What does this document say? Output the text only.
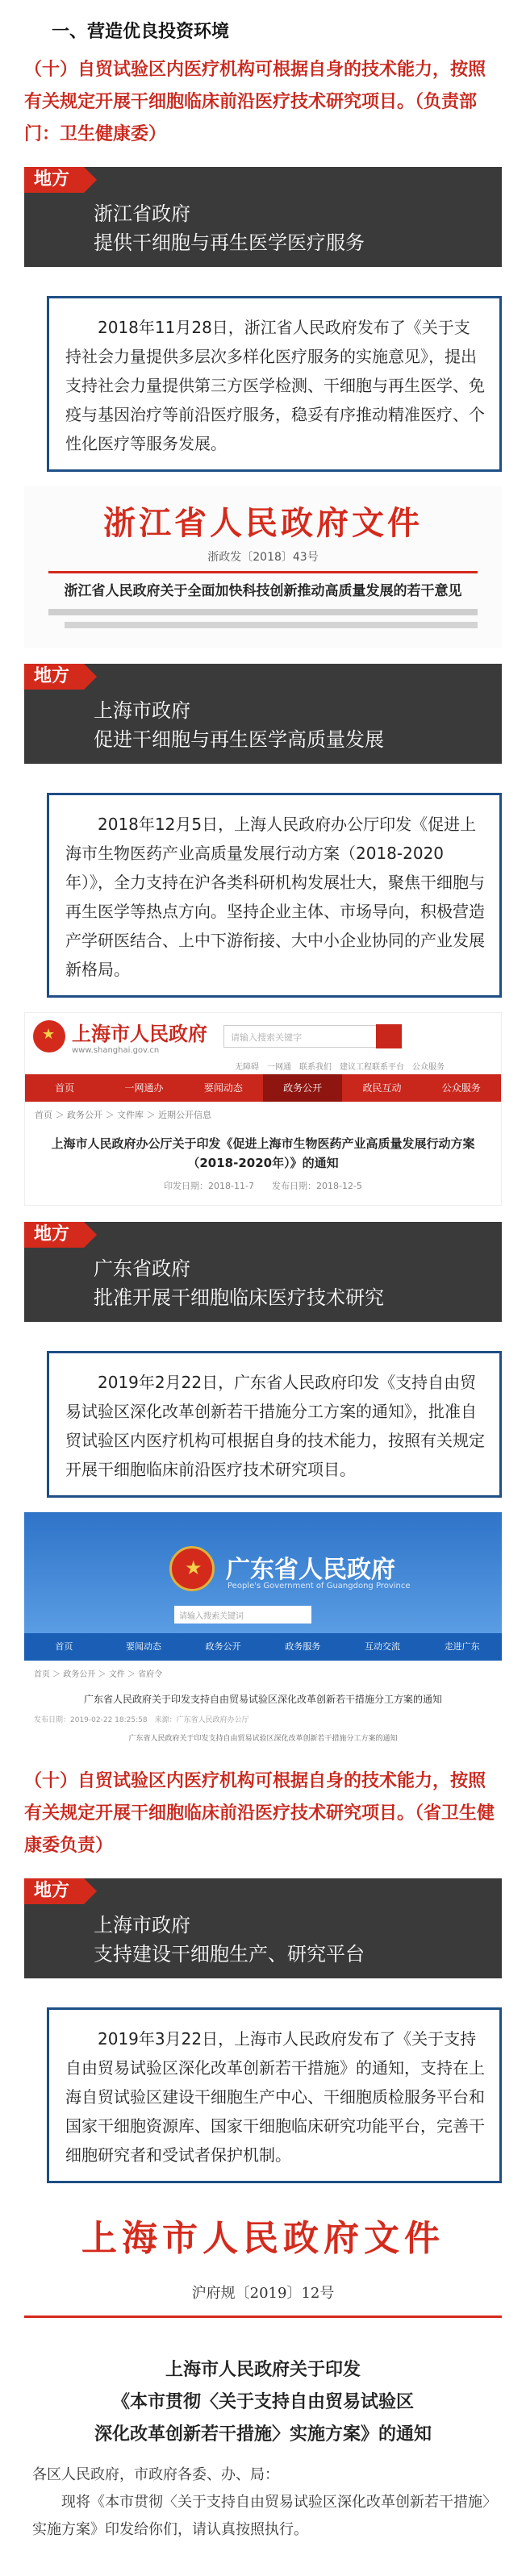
一、营造优良投资环境
（十）自贸试验区内医疗机构可根据自身的技术能力，按照有关规定开展干细胞临床前沿医疗技术研究项目。（负责部门：卫生健康委）
地方
浙江省政府
提供干细胞与再生医学医疗服务
2018年11月28日，浙江省人民政府发布了《关于支持社会力量提供多层次多样化医疗服务的实施意见》，提出支持社会力量提供第三方医学检测、干细胞与再生医学、免疫与基因治疗等前沿医疗服务，稳妥有序推动精准医疗、个性化医疗等服务发展。
浙江省人民政府文件
浙政发〔2018〕43号
浙江省人民政府关于全面加快科技创新推动高质量发展的若干意见
地方
上海市政府
促进干细胞与再生医学高质量发展
2018年12月5日，上海人民政府办公厅印发《促进上海市生物医药产业高质量发展行动方案（2018-2020年）》，全力支持在沪各类科研机构发展壮大，聚焦干细胞与再生医学等热点方向。坚持企业主体、市场导向，积极营造产学研医结合、上中下游衔接、大中小企业协同的产业发展新格局。
★
上海市人民政府
www.shanghai.gov.cn
请输入搜索关键字
无障碍　一网通　联系我们　建议工程联系平台　公众服务
首页	一网通办	要闻动态	政务公开	政民互动	公众服务
首页 ＞ 政务公开 ＞ 文件库 ＞ 近期公开信息
上海市人民政府办公厅关于印发《促进上海市生物医药产业高质量发展行动方案（2018-2020年）》的通知
印发日期：2018-11-7　　发布日期：2018-12-5
地方
广东省政府
批准开展干细胞临床医疗技术研究
2019年2月22日，广东省人民政府印发《支持自由贸易试验区深化改革创新若干措施分工方案的通知》，批准自贸试验区内医疗机构可根据自身的技术能力，按照有关规定开展干细胞临床前沿医疗技术研究项目。
★
广东省人民政府
People's Government of Guangdong Province
请输入搜索关键词
首页	要闻动态	政务公开	政务服务	互动交流	走进广东
首页 ＞ 政务公开 ＞ 文件 ＞ 省府令
广东省人民政府关于印发支持自由贸易试验区深化改革创新若干措施分工方案的通知
发布日期：2019-02-22 18:25:58　来源：广东省人民政府办公厅
广东省人民政府关于印发支持自由贸易试验区深化改革创新若干措施分工方案的通知
（十）自贸试验区内医疗机构可根据自身的技术能力，按照有关规定开展干细胞临床前沿医疗技术研究项目。（省卫生健康委负责）
地方
上海市政府
支持建设干细胞生产、研究平台
2019年3月22日，上海市人民政府发布了《关于支持自由贸易试验区深化改革创新若干措施》的通知，支持在上海自贸试验区建设干细胞生产中心、干细胞质检服务平台和国家干细胞资源库、国家干细胞临床研究功能平台，完善干细胞研究者和受试者保护机制。
上海市人民政府文件
沪府规〔2019〕12号
上海市人民政府关于印发
《本市贯彻〈关于支持自由贸易试验区
深化改革创新若干措施〉实施方案》的通知

各区人民政府，市政府各委、办、局：

现将《本市贯彻〈关于支持自由贸易试验区深化改革创新若干措施〉实施方案》印发给你们，请认真按照执行。
